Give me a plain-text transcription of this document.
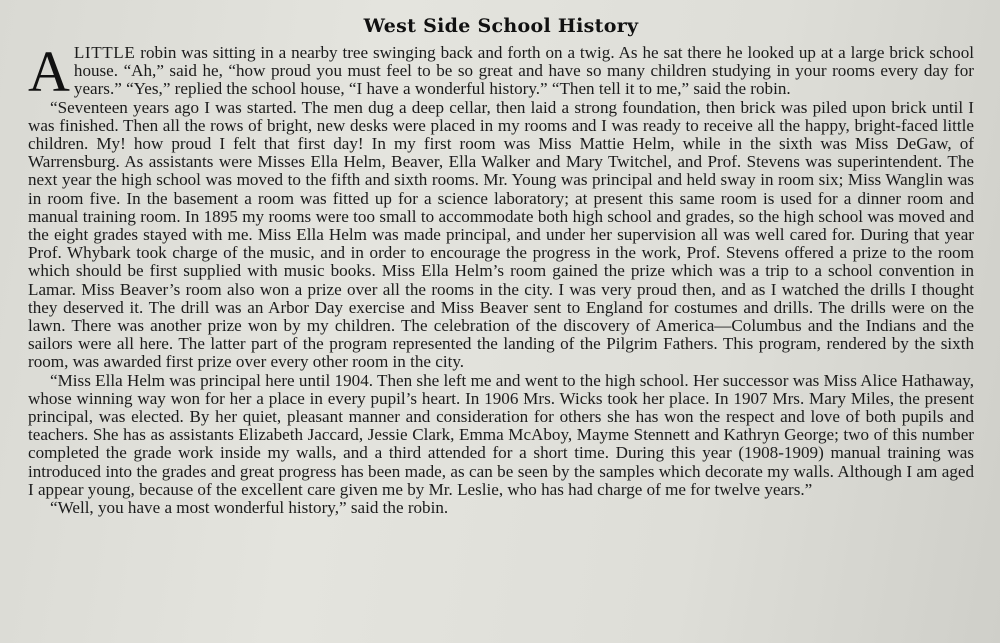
West Side School History

ALITTLE robin was sitting in a nearby tree swinging back and forth on a twig. As he sat there he looked up at a large brick school house. “Ah,” said he, “how proud you must feel to be so great and have so many children studying in your rooms every day for years.” “Yes,” replied the school house, “I have a wonderful history.” “Then tell it to me,” said the robin.

“Seventeen years ago I was started. The men dug a deep cellar, then laid a strong foundation, then brick was piled upon brick until I was finished. Then all the rows of bright, new desks were placed in my rooms and I was ready to receive all the happy, bright-faced little children. My! how proud I felt that first day! In my first room was Miss Mattie Helm, while in the sixth was Miss DeGaw, of Warrensburg. As assistants were Misses Ella Helm, Beaver, Ella Walker and Mary Twitchel, and Prof. Stevens was superintendent. The next year the high school was moved to the fifth and sixth rooms. Mr. Young was principal and held sway in room six; Miss Wanglin was in room five. In the basement a room was fitted up for a science laboratory; at present this same room is used for a dinner room and manual training room. In 1895 my rooms were too small to accommodate both high school and grades, so the high school was moved and the eight grades stayed with me. Miss Ella Helm was made principal, and under her supervision all was well cared for. During that year Prof. Whybark took charge of the music, and in order to encourage the progress in the work, Prof. Stevens offered a prize to the room which should be first supplied with music books. Miss Ella Helm’s room gained the prize which was a trip to a school convention in Lamar. Miss Beaver’s room also won a prize over all the rooms in the city. I was very proud then, and as I watched the drills I thought they deserved it. The drill was an Arbor Day exercise and Miss Beaver sent to England for costumes and drills. The drills were on the lawn. There was another prize won by my children. The celebration of the discovery of America—Columbus and the Indians and the sailors were all here. The latter part of the program represented the landing of the Pilgrim Fathers. This program, rendered by the sixth room, was awarded first prize over every other room in the city.

“Miss Ella Helm was principal here until 1904. Then she left me and went to the high school. Her successor was Miss Alice Hathaway, whose winning way won for her a place in every pupil’s heart. In 1906 Mrs. Wicks took her place. In 1907 Mrs. Mary Miles, the present principal, was elected. By her quiet, pleasant manner and consideration for others she has won the respect and love of both pupils and teachers. She has as assistants Elizabeth Jaccard, Jessie Clark, Emma McAboy, Mayme Stennett and Kathryn George; two of this number completed the grade work inside my walls, and a third attended for a short time. During this year (1908-1909) manual training was introduced into the grades and great progress has been made, as can be seen by the samples which decorate my walls. Although I am aged I appear young, because of the excellent care given me by Mr. Leslie, who has had charge of me for twelve years.”

“Well, you have a most wonderful history,” said the robin.
